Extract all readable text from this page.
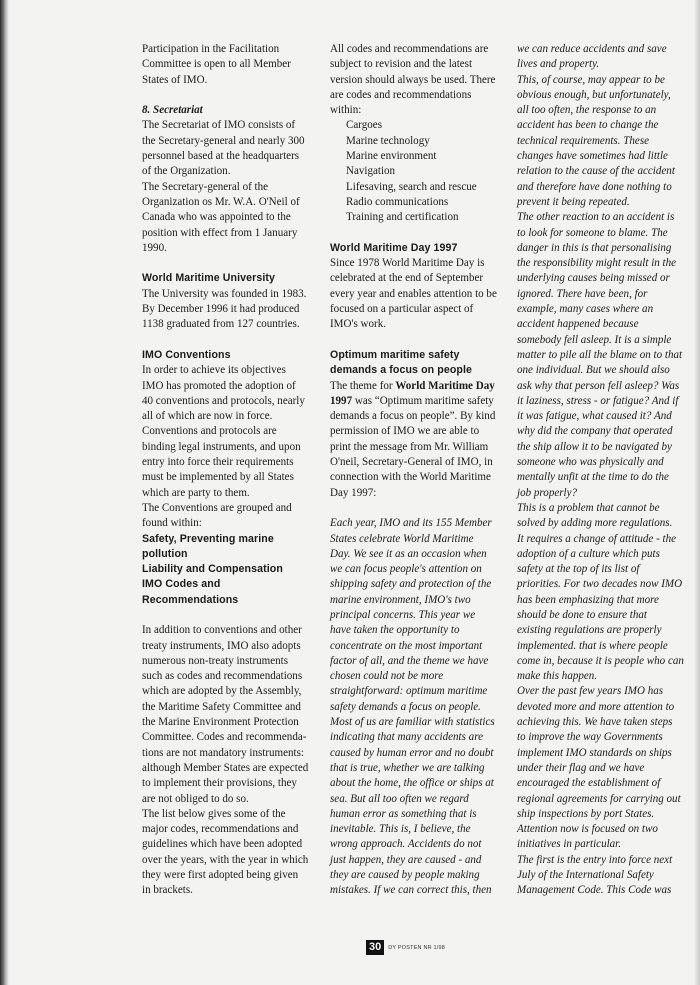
Participation in the Facilitation
Committee is open to all Member
States of IMO.
8. Secretariat
The Secretariat of IMO consists of
the Secretary-general and nearly 300
personnel based at the headquarters
of the Organization.
The Secretary-general of the
Organization os Mr. W.A. O'Neil of
Canada who was appointed to the
position with effect from 1 January
1990.
World Maritime University
The University was founded in 1983.
By December 1996 it had produced
1138 graduated from 127 countries.
IMO Conventions
In order to achieve its objectives
IMO has promoted the adoption of
40 conventions and protocols, nearly
all of which are now in force.
Conventions and protocols are
binding legal instruments, and upon
entry into force their requirements
must be implemented by all States
which are party to them.
The Conventions are grouped and
found within:
Safety, Preventing marine
pollution
Liability and Compensation
IMO Codes and
Recommendations
In addition to conventions and other
treaty instruments, IMO also adopts
numerous non-treaty instruments
such as codes and recommendations
which are adopted by the Assembly,
the Maritime Safety Committee and
the Marine Environment Protection
Committee. Codes and recommenda-
tions are not mandatory instruments:
although Member States are expected
to implement their provisions, they
are not obliged to do so.
The list below gives some of the
major codes, recommendations and
guidelines which have been adopted
over the years, with the year in which
they were first adopted being given
in brackets.
All codes and recommendations are
subject to revision and the latest
version should always be used. There
are codes and recommendations
within:
Cargoes
Marine technology
Marine environment
Navigation
Lifesaving, search and rescue
Radio communications
Training and certification
World Maritime Day 1997
Since 1978 World Maritime Day is
celebrated at the end of September
every year and enables attention to be
focused on a particular aspect of
IMO's work.
Optimum maritime safety
demands a focus on people
The theme for World Maritime Day
1997 was “Optimum maritime safety
demands a focus on people”. By kind
permission of IMO we are able to
print the message from Mr. William
O'neil, Secretary-General of IMO, in
connection with the World Maritime
Day 1997:
Each year, IMO and its 155 Member
States celebrate World Maritime
Day. We see it as an occasion when
we can focus people's attention on
shipping safety and protection of the
marine environment, IMO's two
principal concerns. This year we
have taken the opportunity to
concentrate on the most important
factor of all, and the theme we have
chosen could not be more
straightforward: optimum maritime
safety demands a focus on people.
Most of us are familiar with statistics
indicating that many accidents are
caused by human error and no doubt
that is true, whether we are talking
about the home, the office or ships at
sea. But all too often we regard
human error as something that is
inevitable. This is, I believe, the
wrong approach. Accidents do not
just happen, they are caused - and
they are caused by people making
mistakes. If we can correct this, then
we can reduce accidents and save
lives and property.
This, of course, may appear to be
obvious enough, but unfortunately,
all too often, the response to an
accident has been to change the
technical requirements. These
changes have sometimes had little
relation to the cause of the accident
and therefore have done nothing to
prevent it being repeated.
The other reaction to an accident is
to look for someone to blame. The
danger in this is that personalising
the responsibility might result in the
underlying causes being missed or
ignored. There have been, for
example, many cases where an
accident happened because
somebody fell asleep. It is a simple
matter to pile all the blame on to that
one individual. But we should also
ask why that person fell asleep? Was
it laziness, stress - or fatigue? And if
it was fatigue, what caused it? And
why did the company that operated
the ship allow it to be navigated by
someone who was physically and
mentally unfit at the time to do the
job properly?
This is a problem that cannot be
solved by adding more regulations.
It requires a change of attitude - the
adoption of a culture which puts
safety at the top of its list of
priorities. For two decades now IMO
has been emphasizing that more
should be done to ensure that
existing regulations are properly
implemented. that is where people
come in, because it is people who can
make this happen.
Over the past few years IMO has
devoted more and more attention to
achieving this. We have taken steps
to improve the way Governments
implement IMO standards on ships
under their flag and we have
encouraged the establishment of
regional agreements for carrying out
ship inspections by port States.
Attention now is focused on two
initiatives in particular.
The first is the entry into force next
July of the International Safety
Management Code. This Code was
30	DY POSTEN NR 1/98
